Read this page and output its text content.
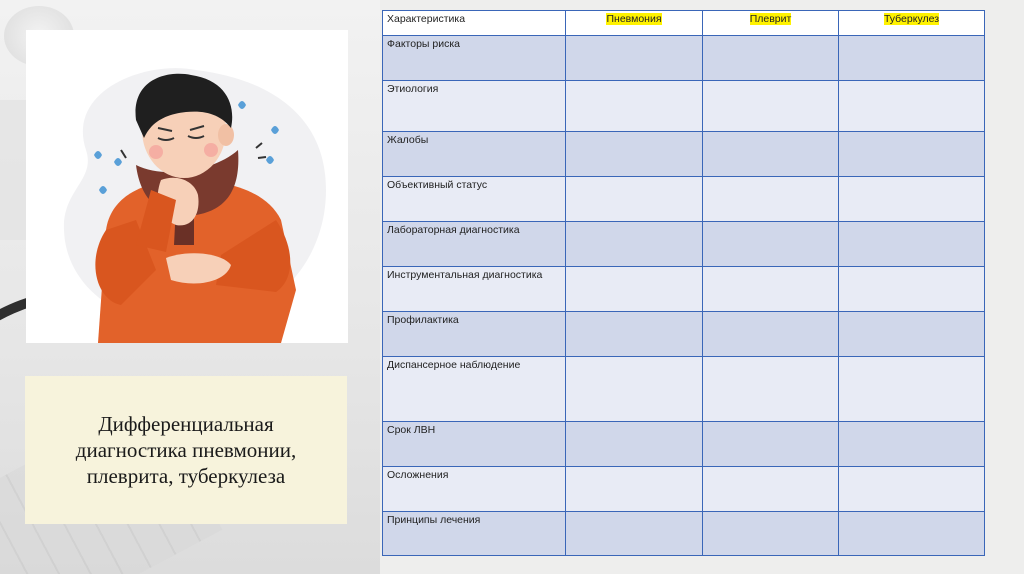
Дифференциальная диагностика пневмонии, плеврита, туберкулеза
Характеристика	Пневмония	Плеврит	Туберкулез
Факторы риска			
Этиология			
Жалобы			
Объективный статус			
Лабораторная диагностика			
Инструментальная диагностика			
Профилактика			
Диспансерное наблюдение			
Срок ЛВН			
Осложнения			
Принципы лечения			
